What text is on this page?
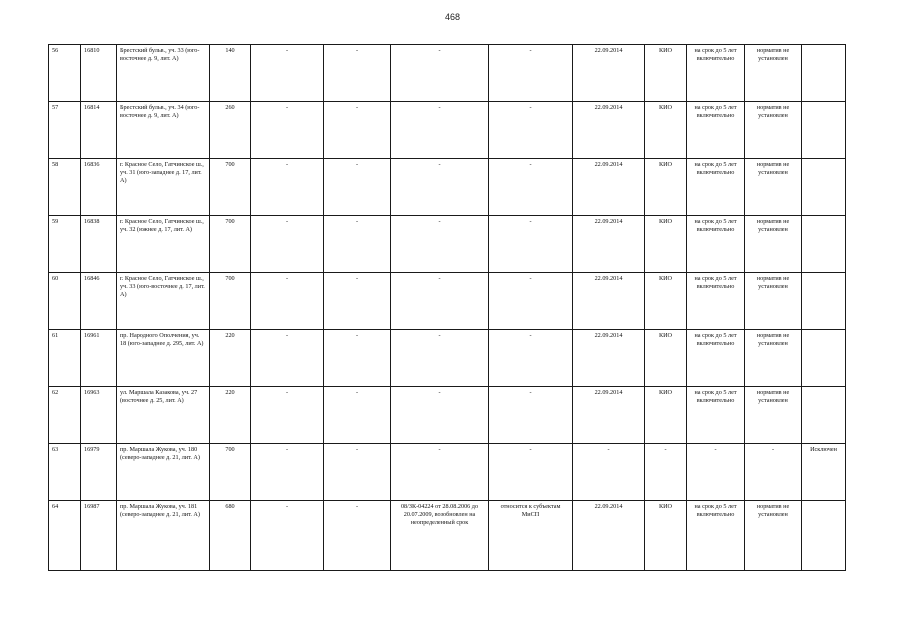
468
56	16810	Брестский бульв., уч. 33 (юго-восточнее д. 9, лит. А)	140	-	-	-	-	22.09.2014	КИО	на срок до 5 лет включительно	норматив не установлен	
57	16814	Брестский бульв., уч. 34 (юго-восточнее д. 9, лит. А)	260	-	-	-	-	22.09.2014	КИО	на срок до 5 лет включительно	норматив не установлен	
58	16836	г. Красное Село, Гатчинское ш., уч. 31 (юго-западнее д. 17, лит. А)	700	-	-	-	-	22.09.2014	КИО	на срок до 5 лет включительно	норматив не установлен	
59	16838	г. Красное Село, Гатчинское ш., уч. 32 (южнее д. 17, лит. А)	700	-	-	-	-	22.09.2014	КИО	на срок до 5 лет включительно	норматив не установлен	
60	16846	г. Красное Село, Гатчинское ш., уч. 33 (юго-восточнее д. 17, лит. А)	700	-	-	-	-	22.09.2014	КИО	на срок до 5 лет включительно	норматив не установлен	
61	16961	пр. Народного Ополчения, уч. 18 (юго-западнее д. 295, лит. А)	220	-	-	-	-	22.09.2014	КИО	на срок до 5 лет включительно	норматив не установлен	
62	16963	ул. Маршала Казакова, уч. 27 (восточнее д. 25, лит. А)	220	-	-	-	-	22.09.2014	КИО	на срок до 5 лет включительно	норматив не установлен	
63	16979	пр. Маршала Жукова, уч. 180 (северо-западнее д. 21, лит. А)	700	-	-	-	-	-	-	-	-	Исключен
64	16987	пр. Маршала Жукова, уч. 181 (северо-западнее д. 21, лит. А)	680	-	-	08/ЗК-04224 от 28.08.2006 до 20.07.2009, возобновлен на неопределенный срок	относится к субъектам МиСП	22.09.2014	КИО	на срок до 5 лет включительно	норматив не установлен	
